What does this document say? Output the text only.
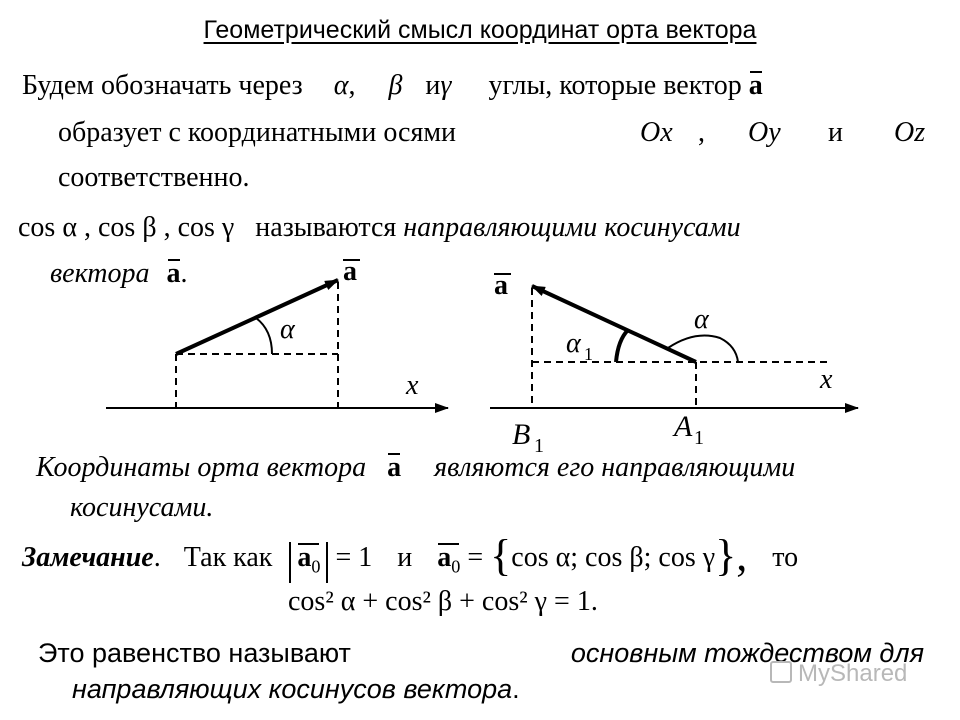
Геометрический смысл координат орта вектора
Будем обозначать через α, β иγ углы, которые вектор a
образует с координатными осями	Ox , Oy и Oz
соответственно.
cos α , cos β , cos γ называются направляющими косинусами
вектора a.
α
x
a
α 1
α
x
a
B 1
A 1
Координаты орта вектора a являются его направляющими
косинусами.
Замечание. Так как $a_0 = 1$ и $a_0 = \{\cos$ α; cos β; cos γ}, то
cos² α + cos² β + cos² γ = 1.
Это равенство называют	основным тождеством для
направляющих косинусов вектора.
MyShared
